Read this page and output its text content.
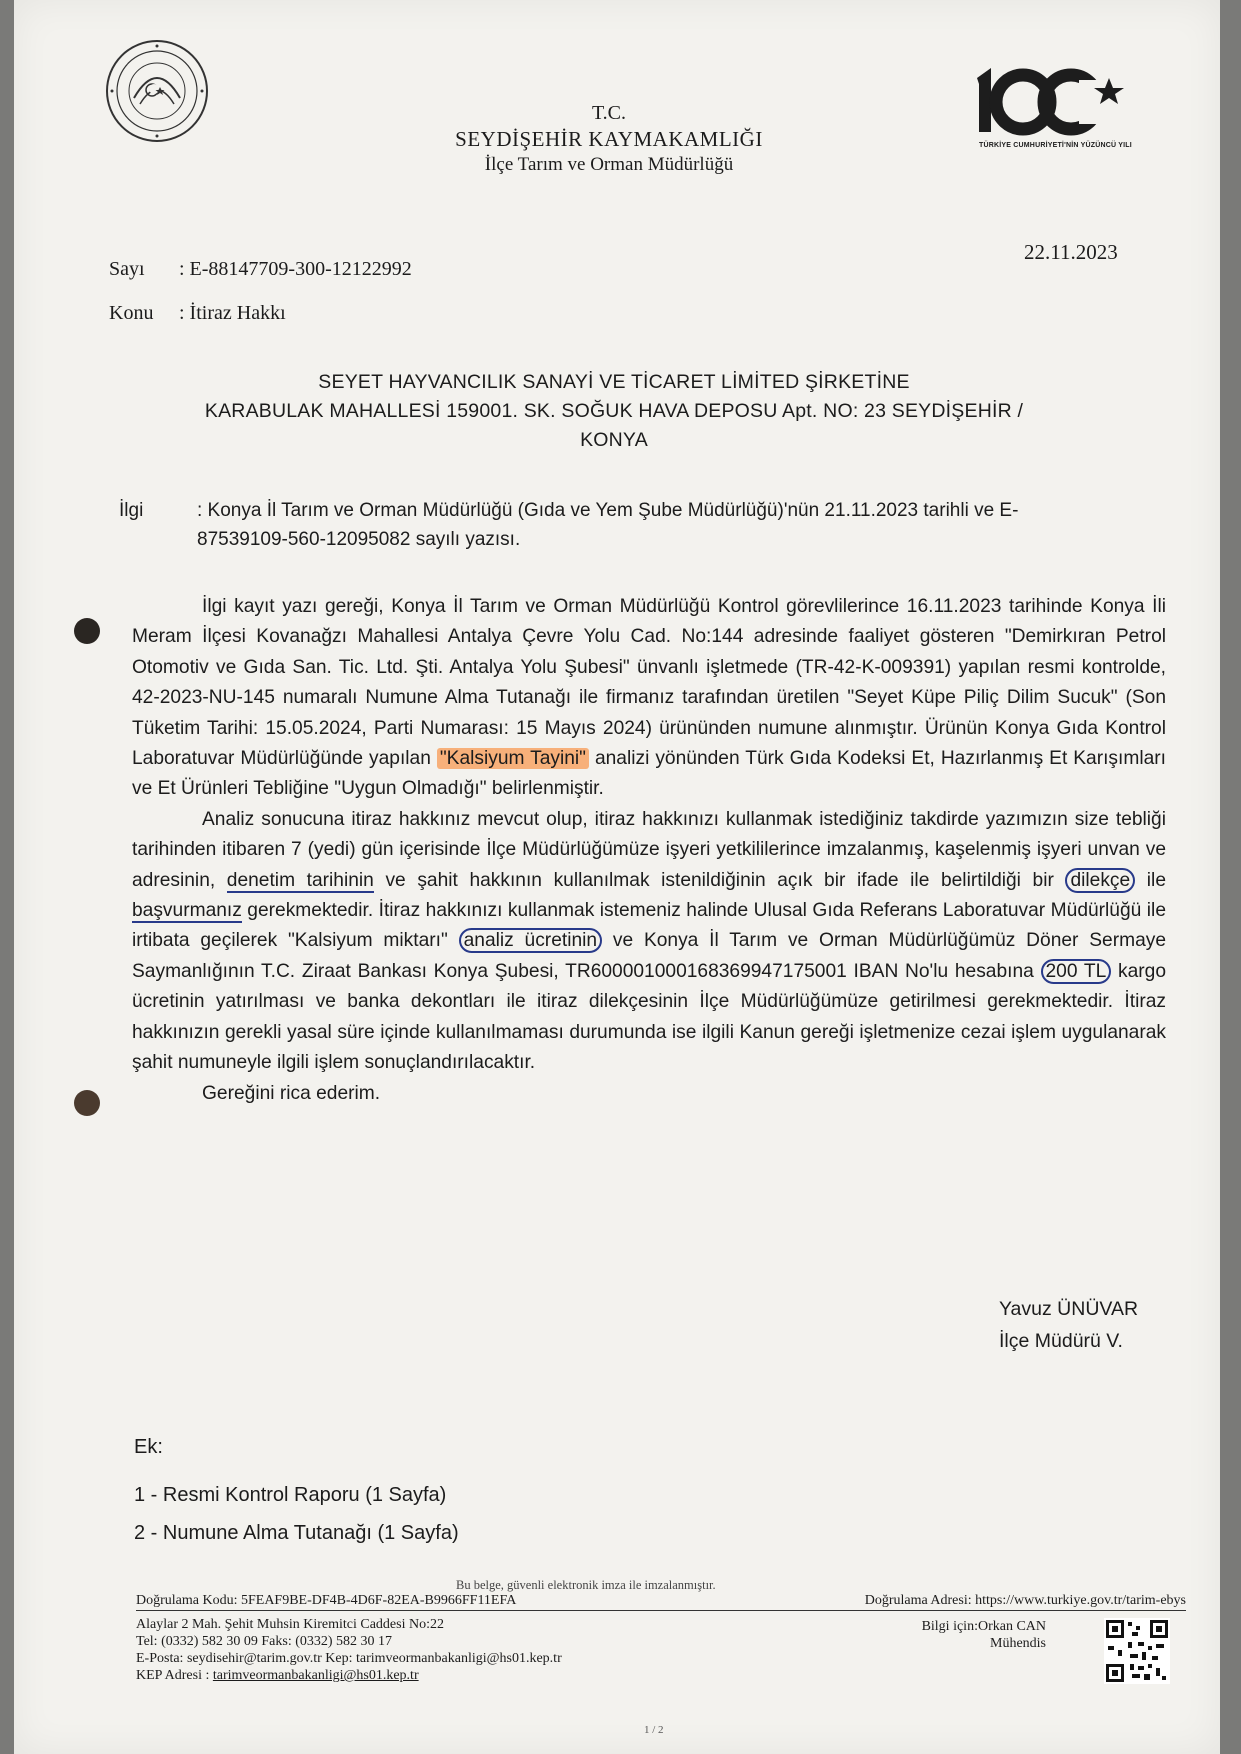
TÜRKİYE CUMHURİYETİ'NİN YÜZÜNCÜ YILI
T.C.
SEYDİŞEHİR KAYMAKAMLIĞI
İlçe Tarım ve Orman Müdürlüğü
22.11.2023
Sayı : E-88147709-300-12122992
Konu : İtiraz Hakkı
SEYET HAYVANCILIK SANAYİ VE TİCARET LİMİTED ŞİRKETİNE
KARABULAK MAHALLESİ 159001. SK. SOĞUK HAVA DEPOSU Apt. NO: 23 SEYDİŞEHİR /
KONYA
İlgi	: Konya İl Tarım ve Orman Müdürlüğü (Gıda ve Yem Şube Müdürlüğü)'nün 21.11.2023 tarihli ve E-87539109-560-12095082 sayılı yazısı.

İlgi kayıt yazı gereği, Konya İl Tarım ve Orman Müdürlüğü Kontrol görevlilerince 16.11.2023 tarihinde Konya İli Meram İlçesi Kovanağzı Mahallesi Antalya Çevre Yolu Cad. No:144 adresinde faaliyet gösteren "Demirkıran Petrol Otomotiv ve Gıda San. Tic. Ltd. Şti. Antalya Yolu Şubesi" ünvanlı işletmede (TR-42-K-009391) yapılan resmi kontrolde, 42-2023-NU-145 numaralı Numune Alma Tutanağı ile firmanız tarafından üretilen "Seyet Küpe Piliç Dilim Sucuk" (Son Tüketim Tarihi: 15.05.2024, Parti Numarası: 15 Mayıs 2024) ürününden numune alınmıştır. Ürünün Konya Gıda Kontrol Laboratuvar Müdürlüğünde yapılan "Kalsiyum Tayini" analizi yönünden Türk Gıda Kodeksi Et, Hazırlanmış Et Karışımları ve Et Ürünleri Tebliğine "Uygun Olmadığı" belirlenmiştir.

Analiz sonucuna itiraz hakkınız mevcut olup, itiraz hakkınızı kullanmak istediğiniz takdirde yazımızın size tebliği tarihinden itibaren 7 (yedi) gün içerisinde İlçe Müdürlüğümüze işyeri yetkililerince imzalanmış, kaşelenmiş işyeri unvan ve adresinin, denetim tarihinin ve şahit hakkının kullanılmak istenildiğinin açık bir ifade ile belirtildiği bir dilekçe ile başvurmanız gerekmektedir. İtiraz hakkınızı kullanmak istemeniz halinde Ulusal Gıda Referans Laboratuvar Müdürlüğü ile irtibata geçilerek "Kalsiyum miktarı" analiz ücretinin ve Konya İl Tarım ve Orman Müdürlüğümüz Döner Sermaye Saymanlığının T.C. Ziraat Bankası Konya Şubesi, TR600001000168369947175001 IBAN No'lu hesabına 200 TL kargo ücretinin yatırılması ve banka dekontları ile itiraz dilekçesinin İlçe Müdürlüğümüze getirilmesi gerekmektedir. İtiraz hakkınızın gerekli yasal süre içinde kullanılmaması durumunda ise ilgili Kanun gereği işletmenize cezai işlem uygulanarak şahit numuneyle ilgili işlem sonuçlandırılacaktır.

Gereğini rica ederim.

Yavuz ÜNÜVAR
İlçe Müdürü V.
Ek:
1 - Resmi Kontrol Raporu (1 Sayfa)
2 - Numune Alma Tutanağı (1 Sayfa)
Bu belge, güvenli elektronik imza ile imzalanmıştır.
Doğrulama Kodu: 5FEAF9BE-DF4B-4D6F-82EA-B9966FF11EFA	Doğrulama Adresi: https://www.turkiye.gov.tr/tarim-ebys
Alaylar 2 Mah. Şehit Muhsin Kiremitci Caddesi No:22
Tel: (0332) 582 30 09 Faks: (0332) 582 30 17
E-Posta: seydisehir@tarim.gov.tr Kep: tarimveormanbakanligi@hs01.kep.tr
KEP Adresi : tarimveormanbakanligi@hs01.kep.tr
Bilgi için:Orkan CAN
Mühendis
1 / 2
